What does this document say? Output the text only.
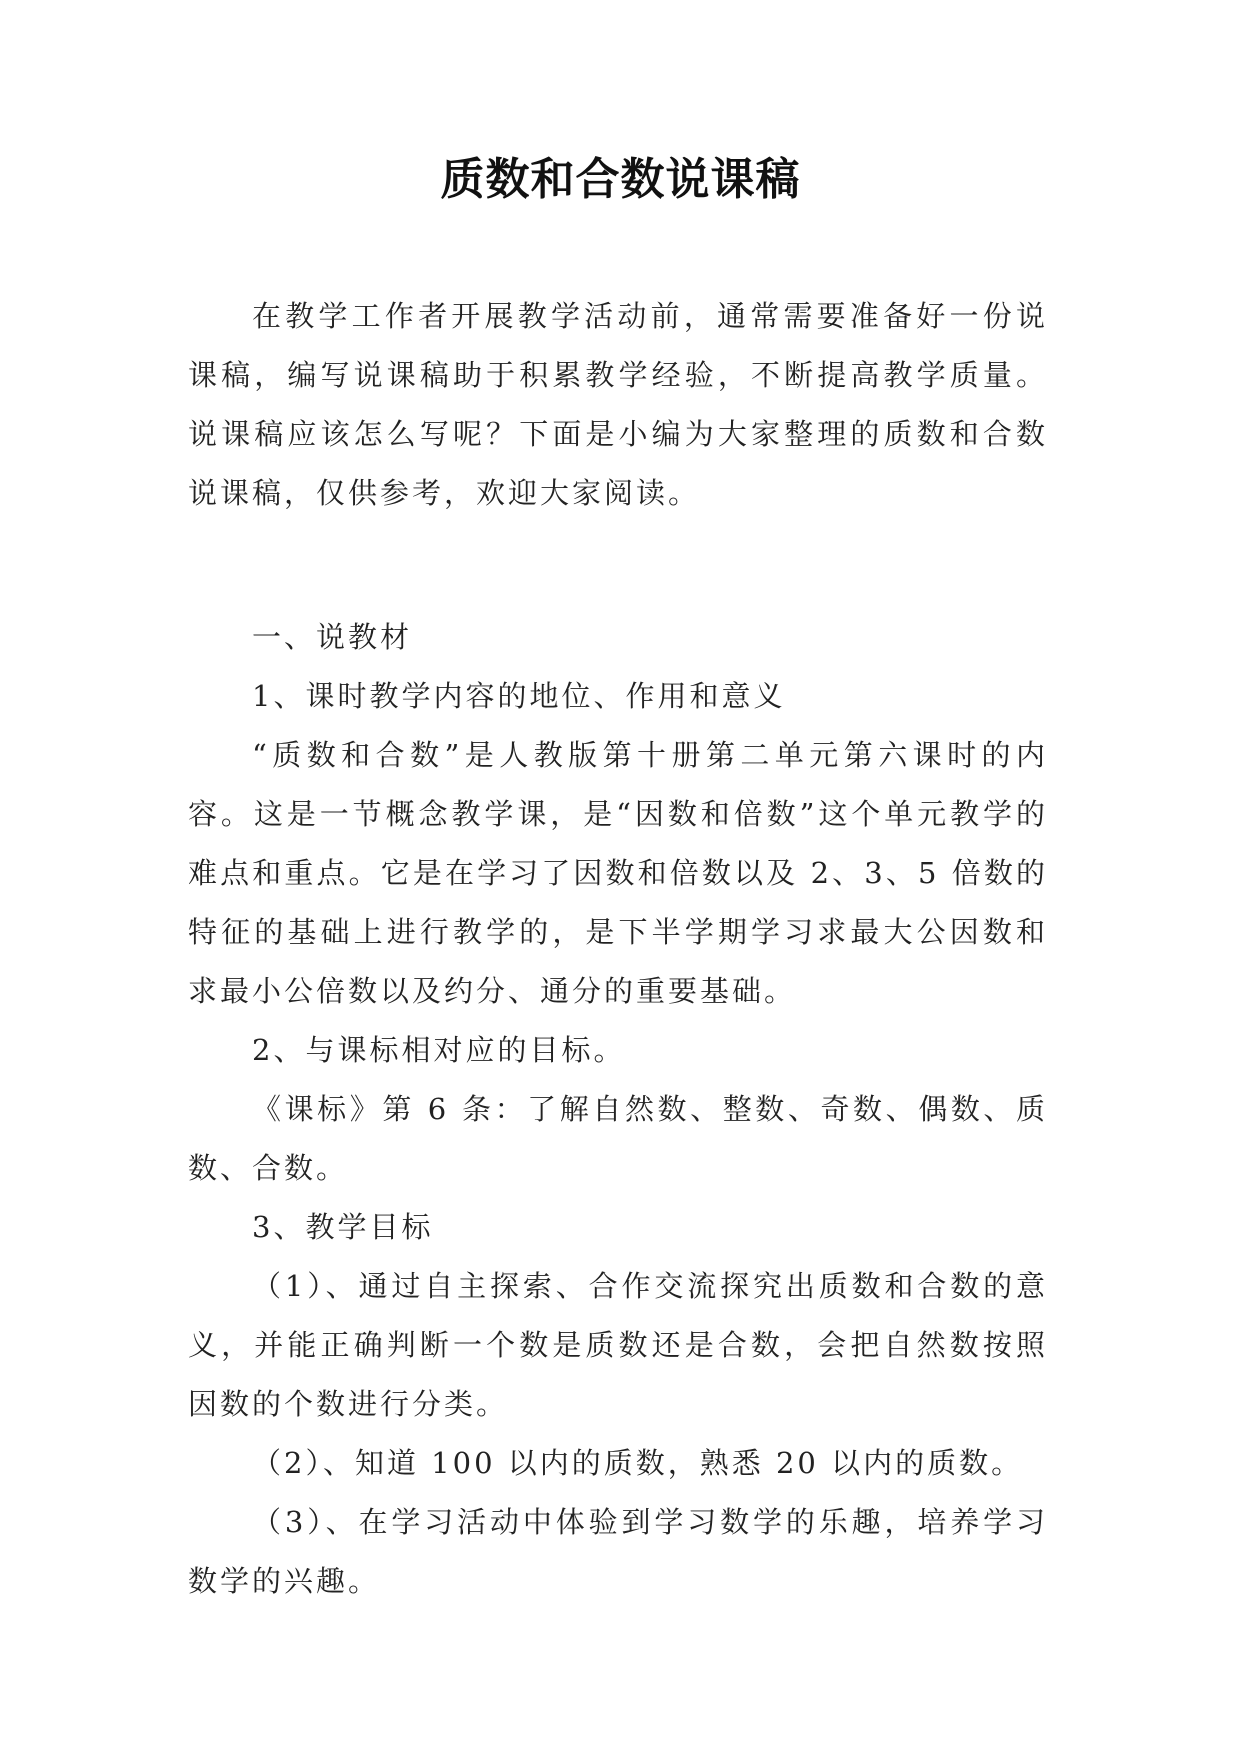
质数和合数说课稿

在教学工作者开展教学活动前，通常需要准备好一份说课稿，编写说课稿助于积累教学经验，不断提高教学质量。说课稿应该怎么写呢？下面是小编为大家整理的质数和合数说课稿，仅供参考，欢迎大家阅读。

一、说教材

1、课时教学内容的地位、作用和意义

“质数和合数”是人教版第十册第二单元第六课时的内容。这是一节概念教学课，是“因数和倍数”这个单元教学的难点和重点。它是在学习了因数和倍数以及 2、3、5 倍数的特征的基础上进行教学的，是下半学期学习求最大公因数和求最小公倍数以及约分、通分的重要基础。

2、与课标相对应的目标。

《课标》第 6 条：了解自然数、整数、奇数、偶数、质数、合数。

3、教学目标

（1）、通过自主探索、合作交流探究出质数和合数的意义，并能正确判断一个数是质数还是合数，会把自然数按照因数的个数进行分类。

（2）、知道 100 以内的质数，熟悉 20 以内的质数。

（3）、在学习活动中体验到学习数学的乐趣，培养学习数学的兴趣。
